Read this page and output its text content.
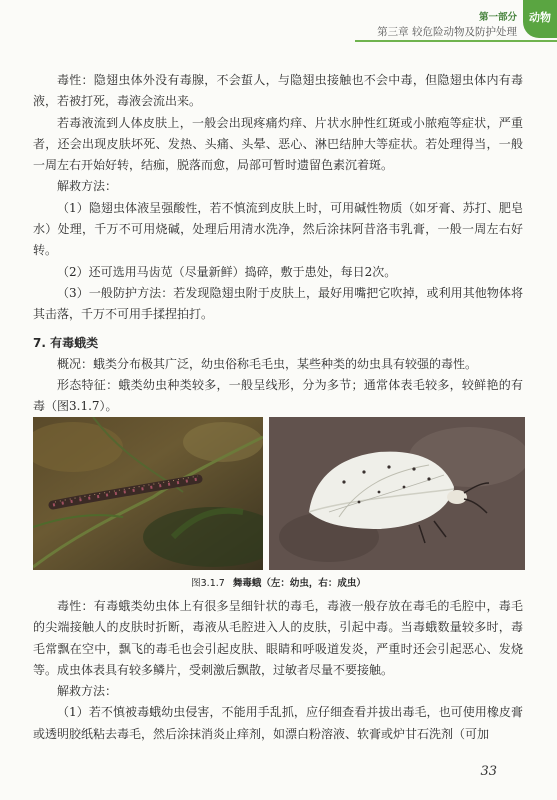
第一部分	动物
第三章 较危险动物及防护处理

毒性：隐翅虫体外没有毒腺，不会蜇人，与隐翅虫接触也不会中毒，但隐翅虫体内有毒液，若被打死，毒液会流出来。

若毒液流到人体皮肤上，一般会出现疼痛灼痒、片状水肿性红斑或小脓疱等症状，严重者，还会出现皮肤坏死、发热、头痛、头晕、恶心、淋巴结肿大等症状。若处理得当，一般一周左右开始好转，结痂，脱落而愈，局部可暂时遗留色素沉着斑。

解救方法：

（1）隐翅虫体液呈强酸性，若不慎流到皮肤上时，可用碱性物质（如牙膏、苏打、肥皂水）处理，千万不可用烧碱，处理后用清水洗净，然后涂抹阿昔洛韦乳膏，一般一周左右好转。

（2）还可选用马齿苋（尽量新鲜）捣碎，敷于患处，每日2次。

（3）一般防护方法：若发现隐翅虫附于皮肤上，最好用嘴把它吹掉，或利用其他物体将其击落，千万不可用手揉捏拍打。

7. 有毒蛾类

概况：蛾类分布极其广泛，幼虫俗称毛毛虫，某些种类的幼虫具有较强的毒性。

形态特征：蛾类幼虫种类较多，一般呈线形，分为多节；通常体表毛较多，较鲜艳的有毒（图3.1.7）。

图3.1.7 舞毒蛾（左：幼虫，右：成虫）

毒性：有毒蛾类幼虫体上有很多呈细针状的毒毛，毒液一般存放在毒毛的毛腔中，毒毛的尖端接触人的皮肤时折断，毒液从毛腔进入人的皮肤，引起中毒。当毒蛾数量较多时，毒毛常飘在空中，飘飞的毒毛也会引起皮肤、眼睛和呼吸道发炎，严重时还会引起恶心、发烧等。成虫体表具有较多鳞片，受刺激后飘散，过敏者尽量不要接触。

解救方法：

（1）若不慎被毒蛾幼虫侵害，不能用手乱抓，应仔细查看并拔出毒毛，也可使用橡皮膏或透明胶纸粘去毒毛，然后涂抹消炎止痒剂，如漂白粉溶液、软膏或炉甘石洗剂（可加

33
